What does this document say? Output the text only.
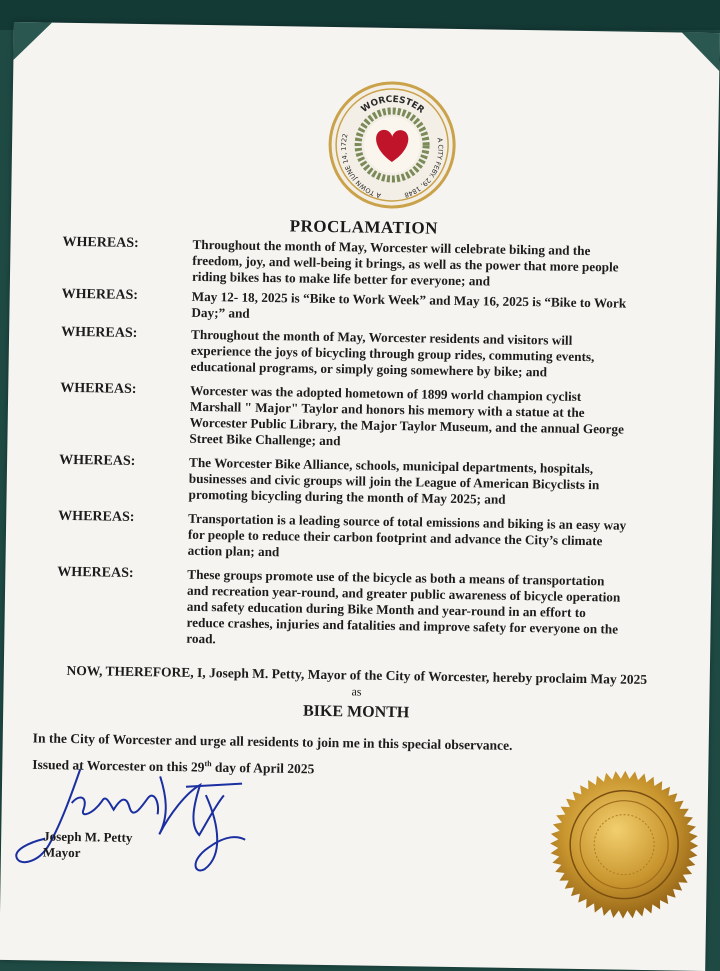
WORCESTER
A TOWN JUNE 14, 1722
A CITY FEBY. 29, 1848
PROCLAMATION
WHEREAS:	Throughout the month of May, Worcester will celebrate biking and the freedom, joy, and well-being it brings, as well as the power that more people riding bikes has to make life better for everyone; and
WHEREAS:	May 12- 18, 2025 is “Bike to Work Week” and May 16, 2025 is “Bike to Work Day;” and
WHEREAS:	Throughout the month of May, Worcester residents and visitors will experience the joys of bicycling through group rides, commuting events, educational programs, or simply going somewhere by bike; and
WHEREAS:	Worcester was the adopted hometown of 1899 world champion cyclist Marshall " Major" Taylor and honors his memory with a statue at the Worcester Public Library, the Major Taylor Museum, and the annual George Street Bike Challenge; and
WHEREAS:	The Worcester Bike Alliance, schools, municipal departments, hospitals, businesses and civic groups will join the League of American Bicyclists in promoting bicycling during the month of May 2025; and
WHEREAS:	Transportation is a leading source of total emissions and biking is an easy way for people to reduce their carbon footprint and advance the City’s climate action plan; and
WHEREAS:	These groups promote use of the bicycle as both a means of transportation and recreation year-round, and greater public awareness of bicycle operation and safety education during Bike Month and year-round in an effort to reduce crashes, injuries and fatalities and improve safety for everyone on the road.
NOW, THEREFORE, I, Joseph M. Petty, Mayor of the City of Worcester, hereby proclaim May 2025
as
BIKE MONTH
In the City of Worcester and urge all residents to join me in this special observance.
Issued at Worcester on this 29th day of April 2025
Joseph M. Petty
Mayor
